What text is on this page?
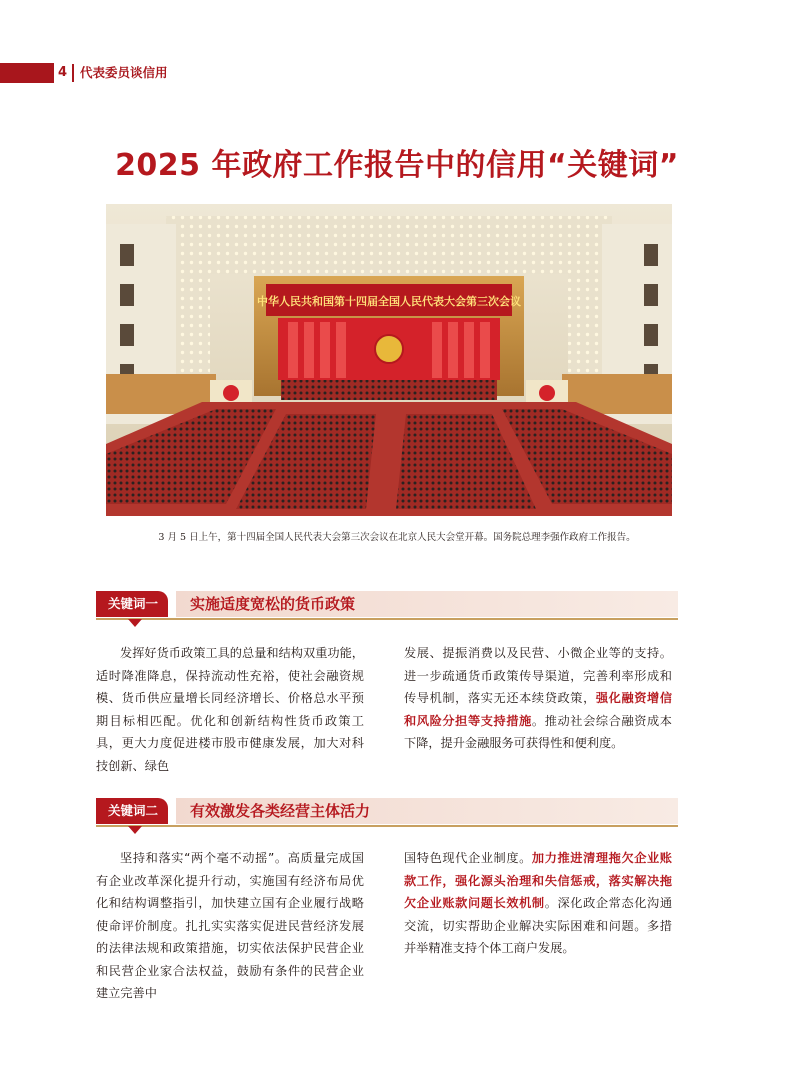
4 代表委员谈信用
2025 年政府工作报告中的信用“关键词”
中华人民共和国第十四届全国人民代表大会第三次会议
3 月 5 日上午，第十四届全国人民代表大会第三次会议在北京人民大会堂开幕。国务院总理李强作政府工作报告。
关键词一	实施适度宽松的货币政策

发挥好货币政策工具的总量和结构双重功能，适时降准降息，保持流动性充裕，使社会融资规模、货币供应量增长同经济增长、价格总水平预期目标相匹配。优化和创新结构性货币政策工具，更大力度促进楼市股市健康发展，加大对科技创新、绿色

发展、提振消费以及民营、小微企业等的支持。进一步疏通货币政策传导渠道，完善利率形成和传导机制，落实无还本续贷政策，强化融资增信和风险分担等支持措施。推动社会综合融资成本下降，提升金融服务可获得性和便利度。

关键词二	有效激发各类经营主体活力

坚持和落实“两个毫不动摇”。高质量完成国有企业改革深化提升行动，实施国有经济布局优化和结构调整指引，加快建立国有企业履行战略使命评价制度。扎扎实实落实促进民营经济发展的法律法规和政策措施，切实依法保护民营企业和民营企业家合法权益，鼓励有条件的民营企业建立完善中

国特色现代企业制度。加力推进清理拖欠企业账款工作，强化源头治理和失信惩戒，落实解决拖欠企业账款问题长效机制。深化政企常态化沟通交流，切实帮助企业解决实际困难和问题。多措并举精准支持个体工商户发展。
